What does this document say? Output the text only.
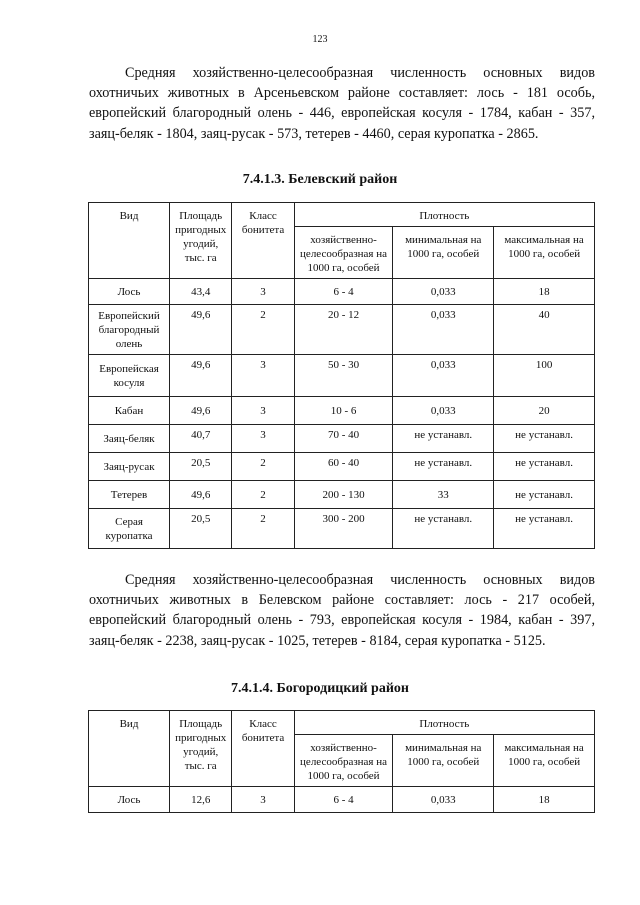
123

Средняя хозяйственно-целесообразная численность основных видов охотничьих животных в Арсеньевском районе составляет: лось - 181 особь, европейский благородный олень - 446, европейская косуля - 1784, кабан - 357, заяц-беляк - 1804, заяц-русак - 573, тетерев - 4460, серая куропатка - 2865.

7.4.1.3. Белевский район
Вид	Площадь пригодных угодий, тыс. га	Класс бонитета	Плотность		
			хозяйственно-целесообразная на 1000 га, особей	минимальная на 1000 га, особей	максимальная на 1000 га, особей
Лось	43,4	3	6 - 4	0,033	18
Европейский благородный олень	49,6	2	20 - 12	0,033	40
Европейская косуля	49,6	3	50 - 30	0,033	100
Кабан	49,6	3	10 - 6	0,033	20
Заяц-беляк	40,7	3	70 - 40	не устанавл.	не устанавл.
Заяц-русак	20,5	2	60 - 40	не устанавл.	не устанавл.
Тетерев	49,6	2	200 - 130	33	не устанавл.
Серая куропатка	20,5	2	300 - 200	не устанавл.	не устанавл.

Средняя хозяйственно-целесообразная численность основных видов охотничьих животных в Белевском районе составляет: лось - 217 особей, европейский благородный олень - 793, европейская косуля - 1984, кабан - 397, заяц-беляк - 2238, заяц-русак - 1025, тетерев - 8184, серая куропатка - 5125.

7.4.1.4. Богородицкий район
Вид	Площадь пригодных угодий, тыс. га	Класс бонитета	Плотность		
			хозяйственно-целесообразная на 1000 га, особей	минимальная на 1000 га, особей	максимальная на 1000 га, особей
Лось	12,6	3	6 - 4	0,033	18
